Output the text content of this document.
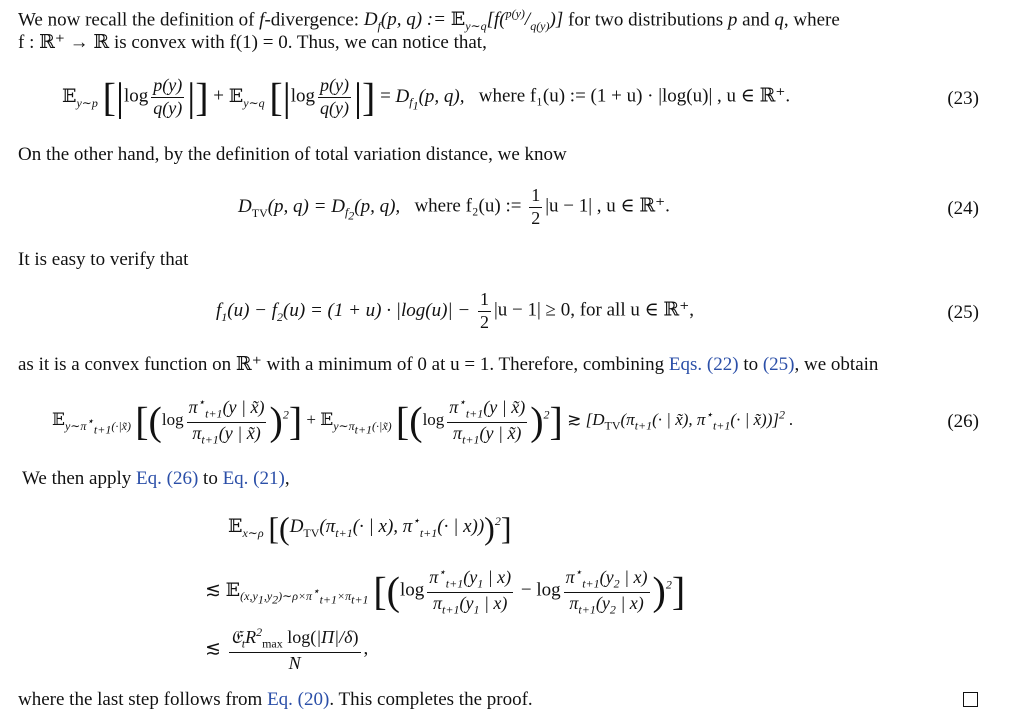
We now recall the definition of f-divergence: $D_f(p$, q) := $𝔼_{y\sim q}[f(^{p(y)}/_{q(y)})]$ for two distributions p and q, where
f : ℝ⁺ → ℝ is convex with f(1) = 0. Thus, we can notice that,
𝔼$_{y\sim p}$ [$|\log \frac{p(y)}{q(y)}$ |] + 𝔼$_{y\sim q}$ [$|\log \frac{p(y)}{q(y)}$ |] = $D_{f_1}(p$, q), where f₁(u) := (1 + u) · |log(u)| , u ∈ ℝ⁺.	(23)
On the other hand, by the definition of total variation distance, we know
$D_{TV}(p$, $q) = D_{f_2}(p$, q), where f₂(u) := $\frac{1}{2} |u - 1|$ , u ∈ ℝ⁺.	(24)
It is easy to verify that
$f_1(u) - f_2(u) = (1 + u) \cdot |\log(u)| - \frac{1}{2} |u - 1| \ge 0$, for all u ∈ ℝ⁺,	(25)
as it is a convex function on ℝ⁺ with a minimum of 0 at u = 1. Therefore, combining Eqs. (22) to (25), we obtain
𝔼$_{y\sim\pi^⋆_{t+1}(\cdot|x̃)}$ $[(\log \frac{\pi^⋆_{t+1}(y | x̃)}{\pi_{t+1}(y | x̃)} )^2]$ + 𝔼$_{y\sim\pi_{t+1}(\cdot|x̃)}$ $[(\log \frac{\pi^⋆_{t+1}(y | x̃)}{\pi_{t+1}(y | x̃)} )^2]$ ≳ [$D_{TV}(\pi_{t+1}(\cdot$ | x̃), $\pi^⋆_{t+1}(\cdot$ | x̃))]$^2$ .	(26)
We then apply Eq. (26) to Eq. (21),
𝔼$_{x\sim\rho}$ [($D_{TV}(\pi_{t+1}(\cdot$ | x), $\pi^⋆_{t+1}(\cdot$ | x)))$^2$]
≲ 𝔼$_{(x,y_1,y_2)\sim\rho\times\pi^⋆_{t+1}\times\pi_{t+1}}$ $[(\log \frac{\pi^⋆_{t+1}(y_1 | x)}{\pi_{t+1}(y_1 | x)} - \log \frac{\pi^⋆_{t+1}(y_2 | x)}{\pi_{t+1}(y_2 | x)} )^2]$
≲ $\frac{𝔈_tR^2_{max} \log(|\Pi|/\delta)}{N}$ ,
where the last step follows from Eq. (20). This completes the proof.
